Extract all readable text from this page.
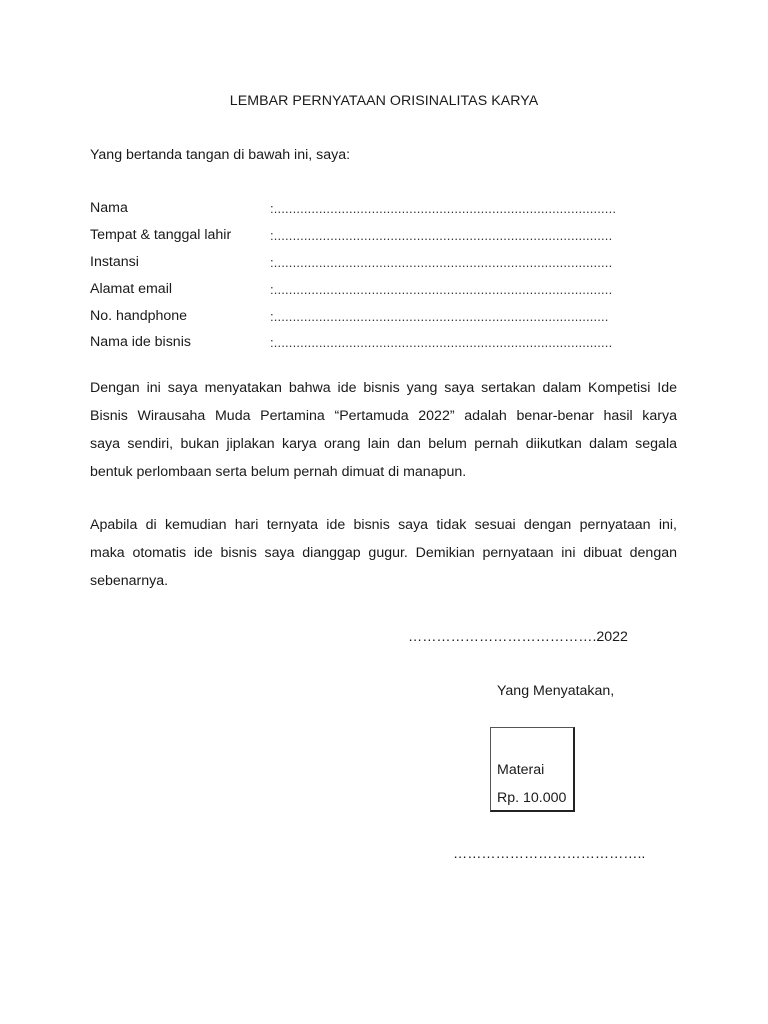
LEMBAR PERNYATAAN ORISINALITAS KARYA
Yang bertanda tangan di bawah ini, saya:
Nama	:...........................................................................................
Tempat & tanggal lahir	:..........................................................................................
Instansi	:..........................................................................................
Alamat email	:..........................................................................................
No. handphone	:.........................................................................................
Nama ide bisnis	:..........................................................................................
Dengan ini saya menyatakan bahwa ide bisnis yang saya sertakan dalam Kompetisi Ide
Bisnis Wirausaha Muda Pertamina “Pertamuda 2022” adalah benar-benar hasil karya
saya sendiri, bukan jiplakan karya orang lain dan belum pernah diikutkan dalam segala
bentuk perlombaan serta belum pernah dimuat di manapun.
Apabila di kemudian hari ternyata ide bisnis saya tidak sesuai dengan pernyataan ini,
maka otomatis ide bisnis saya dianggap gugur. Demikian pernyataan ini dibuat dengan
sebenarnya.
………………………………….2022
Yang Menyatakan,
Materai
Rp. 10.000
…………………………………..
